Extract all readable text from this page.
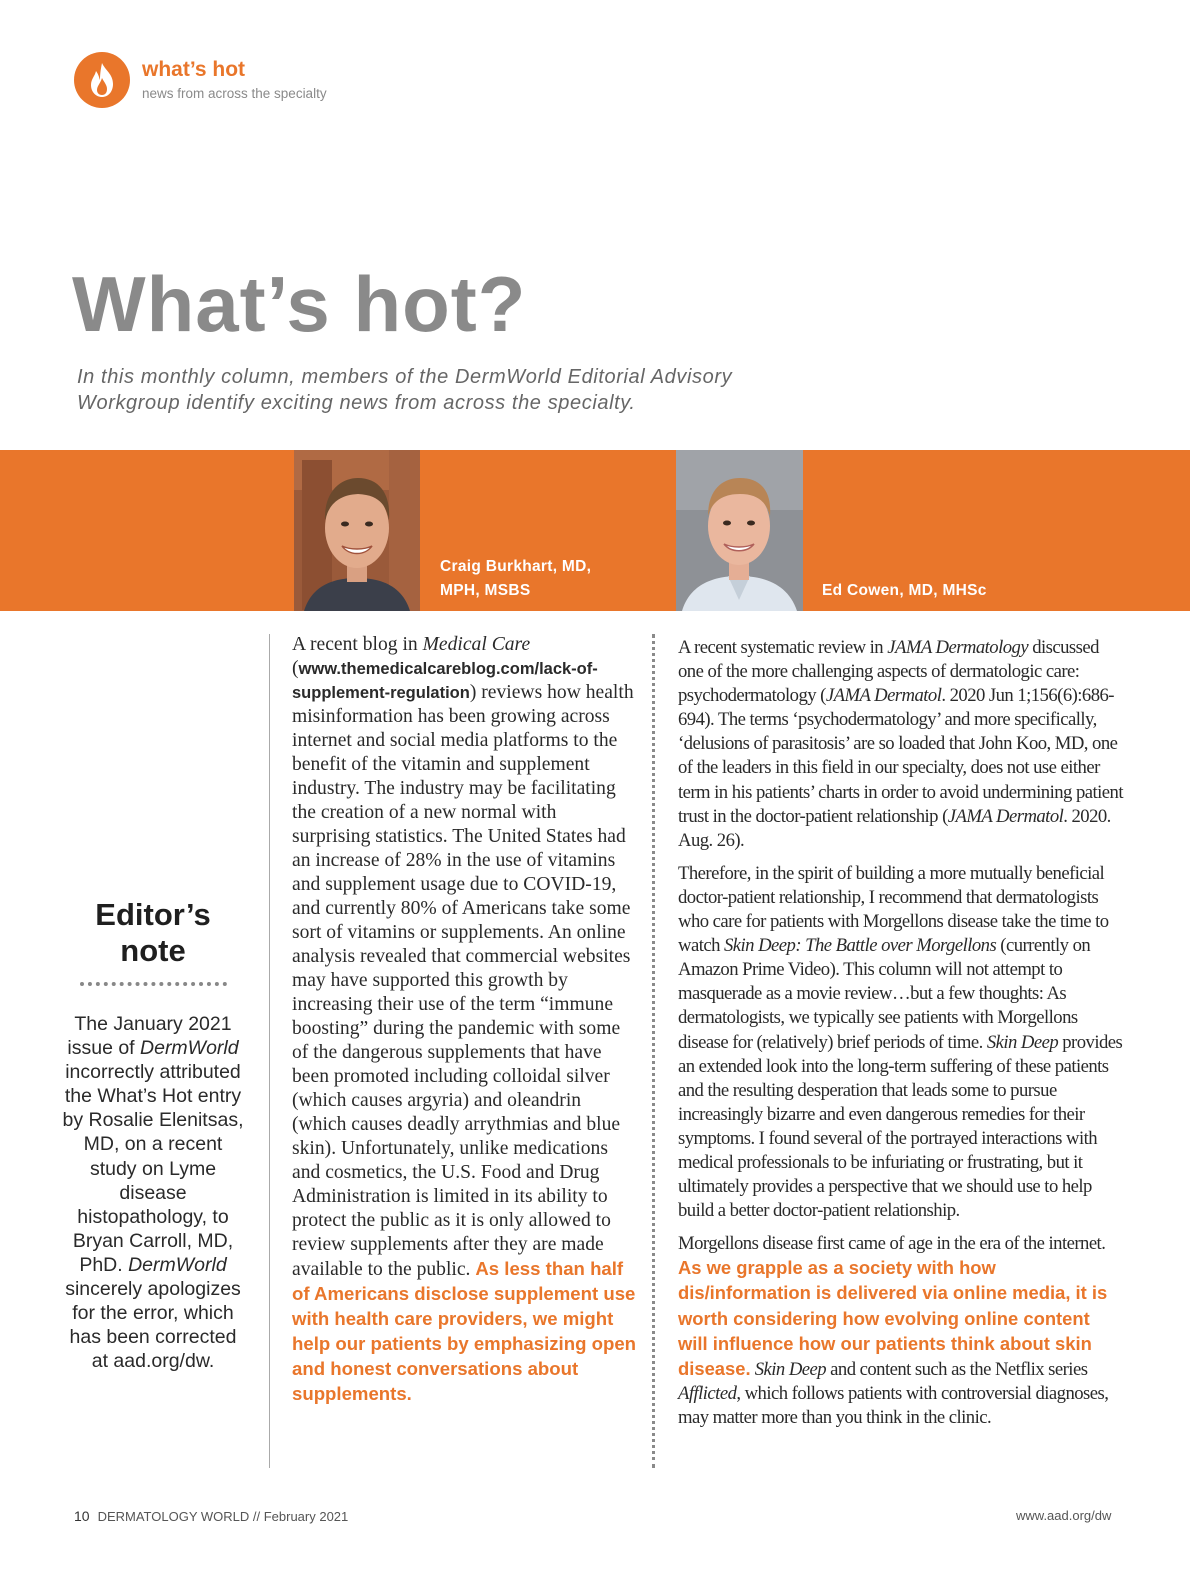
what’s hot
news from across the specialty
What’s hot?
In this monthly column, members of the DermWorld Editorial Advisory Workgroup identify exciting news from across the specialty.
Craig Burkhart, MD,
MPH, MSBS	Ed Cowen, MD, MHSc
Editor’s
note
The January 2021 issue of DermWorld incorrectly attributed the What’s Hot entry by Rosalie Elenitsas, MD, on a recent study on Lyme disease histopathology, to Bryan Carroll, MD, PhD. DermWorld sincerely apologizes for the error, which has been corrected at aad.org/dw.
A recent blog in Medical Care (www.themedicalcareblog.com/lack-of-supplement-regulation) reviews how health misinformation has been growing across internet and social media platforms to the benefit of the vitamin and supplement industry. The industry may be facilitating the creation of a new normal with surprising statistics. The United States had an increase of 28% in the use of vitamins and supplement usage due to COVID-19, and currently 80% of Americans take some sort of vitamins or supplements. An online analysis revealed that commercial websites may have supported this growth by increasing their use of the term “immune boosting” during the pandemic with some of the dangerous supplements that have been promoted including colloidal silver (which causes argyria) and oleandrin (which causes deadly arrythmias and blue skin). Unfortunately, unlike medications and cosmetics, the U.S. Food and Drug Administration is limited in its ability to protect the public as it is only allowed to review supplements after they are made available to the public. As less than half of Americans disclose supplement use with health care providers, we might help our patients by emphasizing open and honest conversations about supplements.

A recent systematic review in JAMA Dermatology discussed one of the more challenging aspects of dermatologic care: psychodermatology (JAMA Dermatol. 2020 Jun 1;156(6):686-694). The terms ‘psychodermatology’ and more specifically, ‘delusions of parasitosis’ are so loaded that John Koo, MD, one of the leaders in this field in our specialty, does not use either term in his patients’ charts in order to avoid undermining patient trust in the doctor-patient relationship (JAMA Dermatol. 2020. Aug. 26).

Therefore, in the spirit of building a more mutually beneficial doctor-patient relationship, I recommend that dermatologists who care for patients with Morgellons disease take the time to watch Skin Deep: The Battle over Morgellons (currently on Amazon Prime Video). This column will not attempt to masquerade as a movie review…but a few thoughts: As dermatologists, we typically see patients with Morgellons disease for (relatively) brief periods of time. Skin Deep provides an extended look into the long-term suffering of these patients and the resulting desperation that leads some to pursue increasingly bizarre and even dangerous remedies for their symptoms. I found several of the portrayed interactions with medical professionals to be infuriating or frustrating, but it ultimately provides a perspective that we should use to help build a better doctor-patient relationship.

Morgellons disease first came of age in the era of the internet. As we grapple as a society with how dis/information is delivered via online media, it is worth considering how evolving online content will influence how our patients think about skin disease. Skin Deep and content such as the Netflix series Afflicted, which follows patients with controversial diagnoses, may matter more than you think in the clinic.

10 DERMATOLOGY WORLD // February 2021	www.aad.org/dw
